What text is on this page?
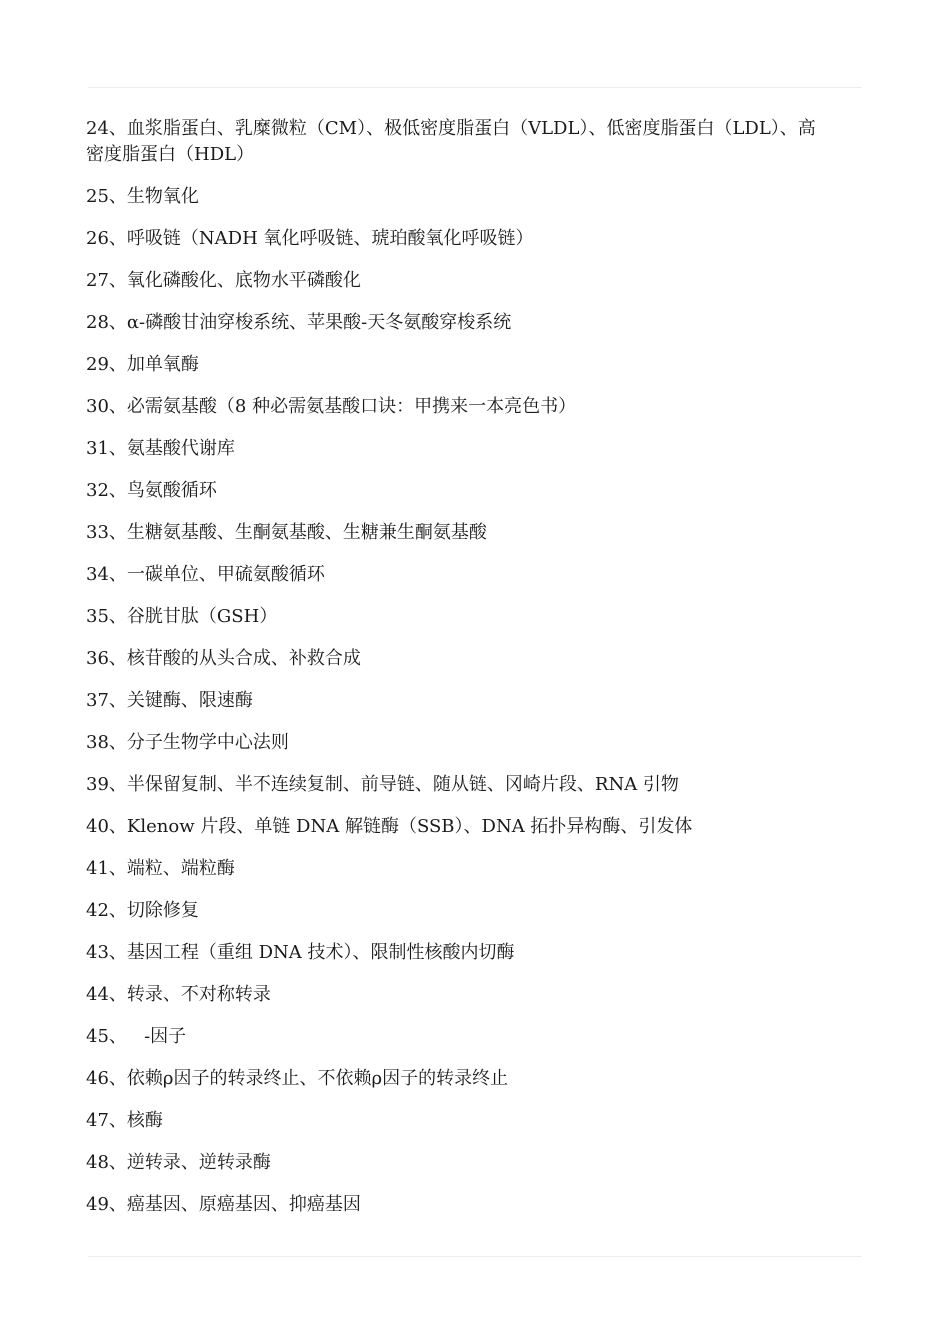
24、血浆脂蛋白、乳糜微粒（CM）、极低密度脂蛋白（VLDL）、低密度脂蛋白（LDL）、高密度脂蛋白（HDL）

25、生物氧化

26、呼吸链（NADH 氧化呼吸链、琥珀酸氧化呼吸链）

27、氧化磷酸化、底物水平磷酸化

28、α-磷酸甘油穿梭系统、苹果酸-天冬氨酸穿梭系统

29、加单氧酶

30、必需氨基酸（8 种必需氨基酸口诀：甲携来一本亮色书）

31、氨基酸代谢库

32、鸟氨酸循环

33、生糖氨基酸、生酮氨基酸、生糖兼生酮氨基酸

34、一碳单位、甲硫氨酸循环

35、谷胱甘肽（GSH）

36、核苷酸的从头合成、补救合成

37、关键酶、限速酶

38、分子生物学中心法则

39、半保留复制、半不连续复制、前导链、随从链、冈崎片段、RNA 引物

40、Klenow 片段、单链 DNA 解链酶（SSB）、DNA 拓扑异构酶、引发体

41、端粒、端粒酶

42、切除修复

43、基因工程（重组 DNA 技术）、限制性核酸内切酶

44、转录、不对称转录

45、   -因子

46、依赖ρ因子的转录终止、不依赖ρ因子的转录终止

47、核酶

48、逆转录、逆转录酶

49、癌基因、原癌基因、抑癌基因
